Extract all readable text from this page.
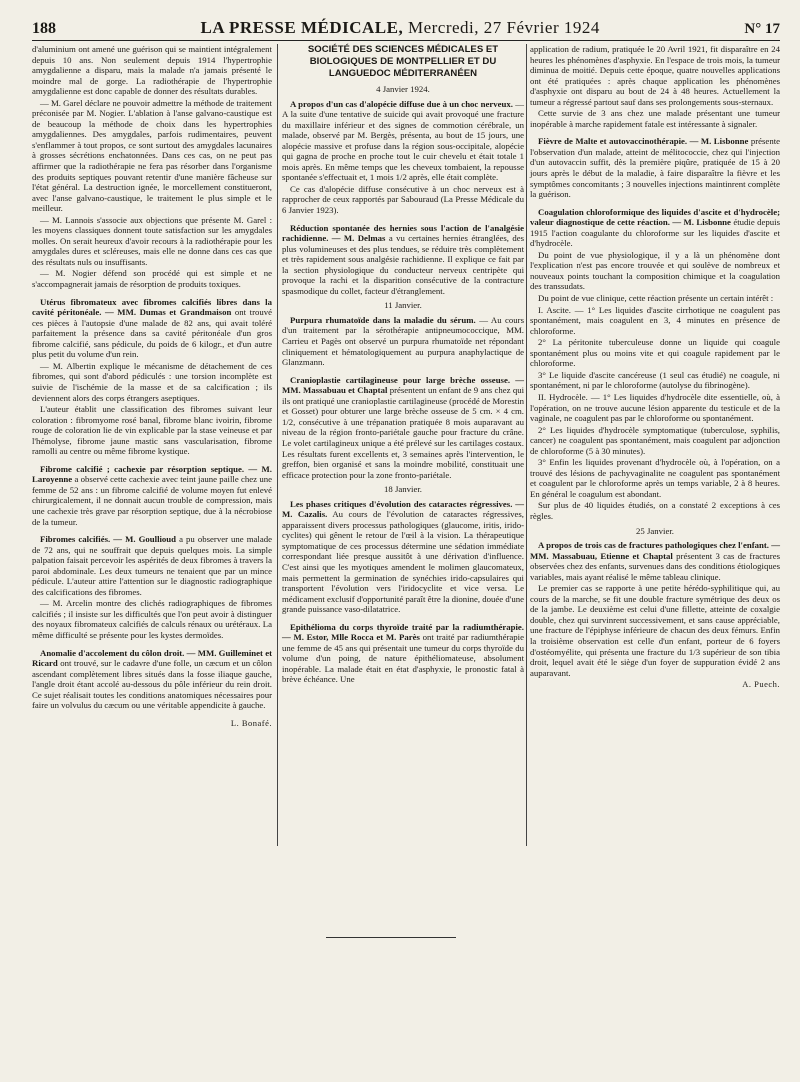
188	LA PRESSE MÉDICALE, Mercredi, 27 Février 1924	N° 17

d'aluminium ont amené une guérison qui se maintient intégralement depuis 10 ans. Non seulement depuis 1914 l'hypertrophie amygdalienne a disparu, mais la malade n'a jamais présenté le moindre mal de gorge. La radiothérapie de l'hypertrophie amygdalienne est donc capable de donner des résultats durables.

— M. Garel déclare ne pouvoir admettre la méthode de traitement préconisée par M. Nogier. L'ablation à l'anse galvano-caustique est de beaucoup la méthode de choix dans les hypertrophies amygdaliennes. Des amygdales, parfois rudimentaires, peuvent s'enflammer à tout propos, ce sont surtout des amygdales lacunaires à grosses sécrétions enchatonnées. Dans ces cas, on ne peut pas affirmer que la radiothérapie ne fera pas résorber dans l'organisme des produits septiques pouvant retentir d'une manière fâcheuse sur l'état général. La destruction ignée, le morcellement constitueront, avec l'anse galvano-caustique, le traitement le plus simple et le meilleur.

— M. Lannois s'associe aux objections que présente M. Garel : les moyens classiques donnent toute satisfaction sur les amygdales molles. On serait heureux d'avoir recours à la radiothérapie pour les amygdales dures et scléreuses, mais elle ne donne dans ces cas que des résultats nuls ou insuffisants.

— M. Nogier défend son procédé qui est simple et ne s'accompagnerait jamais de résorption de produits toxiques.

Utérus fibromateux avec fibromes calcifiés libres dans la cavité péritonéale. — MM. Dumas et Grandmaison ont trouvé ces pièces à l'autopsie d'une malade de 82 ans, qui avait toléré parfaitement la présence dans sa cavité péritonéale d'un gros fibrome calcifié, sans pédicule, du poids de 6 kilogr., et d'un autre plus petit du volume d'un rein.

— M. Albertin explique le mécanisme de détachement de ces fibromes, qui sont d'abord pédiculés : une torsion incomplète est suivie de l'ischémie de la masse et de sa calcification ; ils deviennent alors des corps étrangers aseptiques.

L'auteur établit une classification des fibromes suivant leur coloration : fibromyome rosé banal, fibrome blanc ivoirin, fibrome rouge de coloration lie de vin explicable par la stase veineuse et par l'hémolyse, fibrome jaune mastic sans vascularisation, fibrome ramolli au centre ou même fibrome kystique.

Fibrome calcifié ; cachexie par résorption septique. — M. Laroyenne a observé cette cachexie avec teint jaune paille chez une femme de 52 ans : un fibrome calcifié de volume moyen fut enlevé chirurgicalement, il ne donnait aucun trouble de compression, mais une cachexie très grave par résorption septique, due à la nécrobiose de la tumeur.

Fibromes calcifiés. — M. Goullioud a pu observer une malade de 72 ans, qui ne souffrait que depuis quelques mois. La simple palpation faisait percevoir les aspérités de deux fibromes à travers la paroi abdominale. Les deux tumeurs ne tenaient que par un mince pédicule. L'auteur attire l'attention sur le diagnostic radiographique des calcifications des fibromes.

— M. Arcelin montre des clichés radiographiques de fibromes calcifiés ; il insiste sur les difficultés que l'on peut avoir à distinguer des noyaux fibromateux calcifiés de calculs rénaux ou urétéraux. La même difficulté se présente pour les kystes dermoïdes.

Anomalie d'accolement du côlon droit. — MM. Guilleminet et Ricard ont trouvé, sur le cadavre d'une folle, un cæcum et un côlon ascendant complètement libres situés dans la fosse iliaque gauche, l'angle droit étant accolé au-dessous du pôle inférieur du rein droit. Ce sujet réalisait toutes les conditions anatomiques nécessaires pour faire un volvulus du cæcum ou une véritable appendicite à gauche.

L. Bonafé.

SOCIÉTÉ DES SCIENCES MÉDICALES ET BIOLOGIQUES DE MONTPELLIER ET DU LANGUEDOC MÉDITERRANÉEN
4 Janvier 1924.

A propos d'un cas d'alopécie diffuse due à un choc nerveux. — A la suite d'une tentative de suicide qui avait provoqué une fracture du maxillaire inférieur et des signes de commotion cérébrale, un malade, observé par M. Bergès, présenta, au bout de 15 jours, une alopécie massive et profuse dans la région sous-occipitale, alopécie qui gagna de proche en proche tout le cuir chevelu et était totale 1 mois après. En même temps que les cheveux tombaient, la repousse spontanée s'effectuait et, 1 mois 1/2 après, elle était complète.

Ce cas d'alopécie diffuse consécutive à un choc nerveux est à rapprocher de ceux rapportés par Sabouraud (La Presse Médicale du 6 Janvier 1923).

Réduction spontanée des hernies sous l'action de l'analgésie rachidienne. — M. Delmas a vu certaines hernies étranglées, des plus volumineuses et des plus tendues, se réduire très complètement et très rapidement sous analgésie rachidienne. Il explique ce fait par la section physiologique du conducteur nerveux centripète qui provoque la rachi et la disparition consécutive de la contracture spasmodique du collet, facteur d'étranglement.

11 Janvier.

Purpura rhumatoïde dans la maladie du sérum. — Au cours d'un traitement par la sérothérapie antipneumococcique, MM. Carrieu et Pagès ont observé un purpura rhumatoïde net répondant cliniquement et hématologiquement au purpura anaphylactique de Glanzmann.

Cranioplastie cartilagineuse pour large brèche osseuse. — MM. Massabuau et Chaptal présentent un enfant de 9 ans chez qui ils ont pratiqué une cranioplastie cartilagineuse (procédé de Morestin et Gosset) pour obturer une large brèche osseuse de 5 cm. × 4 cm. 1/2, consécutive à une trépanation pratiquée 8 mois auparavant au niveau de la région fronto-pariétale gauche pour fracture du crâne. Le volet cartilagineux unique a été prélevé sur les cartilages costaux. Les résultats furent excellents et, 3 semaines après l'intervention, le greffon, bien organisé et sans la moindre mobilité, constituait une efficace protection pour la zone fronto-pariétale.

18 Janvier.

Les phases critiques d'évolution des cataractes régressives. — M. Cazalis. Au cours de l'évolution de cataractes régressives, apparaissent divers processus pathologiques (glaucome, iritis, irido-cyclites) qui gênent le retour de l'œil à la vision. La thérapeutique symptomatique de ces processus détermine une sédation immédiate correspondant liée presque aussitôt à une dérivation d'influence. C'est ainsi que les myotiques amendent le molimen glaucomateux, mais permettent la germination de synéchies irido-capsulaires qui transportent l'évolution vers l'iridocyclite et vice versa. Le médicament exclusif d'opportunité paraît être la dionine, douée d'une grande puissance vaso-dilatatrice.

Epithélioma du corps thyroïde traité par la radiumthérapie. — M. Estor, Mlle Rocca et M. Parès ont traité par radiumthérapie une femme de 45 ans qui présentait une tumeur du corps thyroïde du volume d'un poing, de nature épithéliomateuse, absolument inopérable. La malade était en état d'asphyxie, le pronostic fatal à brève échéance. Une

application de radium, pratiquée le 20 Avril 1921, fit disparaître en 24 heures les phénomènes d'asphyxie. En l'espace de trois mois, la tumeur diminua de moitié. Depuis cette époque, quatre nouvelles applications ont été pratiquées : après chaque application les phénomènes d'asphyxie ont disparu au bout de 24 à 48 heures. Actuellement la tumeur a régressé partout sauf dans ses prolongements sous-sternaux.

Cette survie de 3 ans chez une malade présentant une tumeur inopérable à marche rapidement fatale est intéressante à signaler.

Fièvre de Malte et autovaccinothérapie. — M. Lisbonne présente l'observation d'un malade, atteint de mélitococcie, chez qui l'injection d'un autovaccin suffit, dès la première piqûre, pratiquée de 15 à 20 jours après le début de la maladie, à faire disparaître la fièvre et les symptômes concomitants ; 3 nouvelles injections maintinrent complète la guérison.

Coagulation chloroformique des liquides d'ascite et d'hydrocèle; valeur diagnostique de cette réaction. — M. Lisbonne étudie depuis 1915 l'action coagulante du chloroforme sur les liquides d'ascite et d'hydrocèle.

Du point de vue physiologique, il y a là un phénomène dont l'explication n'est pas encore trouvée et qui soulève de nombreux et nouveaux points touchant la composition chimique et la coagulation des transsudats.

Du point de vue clinique, cette réaction présente un certain intérêt :

I. Ascite. — 1° Les liquides d'ascite cirrhotique ne coagulent pas spontanément, mais coagulent en 3, 4 minutes en présence de chloroforme.

2° La péritonite tuberculeuse donne un liquide qui coagule spontanément plus ou moins vite et qui coagule rapidement par le chloroforme.

3° Le liquide d'ascite cancéreuse (1 seul cas étudié) ne coagule, ni spontanément, ni par le chloroforme (autolyse du fibrinogène).

II. Hydrocèle. — 1° Les liquides d'hydrocèle dite essentielle, où, à l'opération, on ne trouve aucune lésion apparente du testicule et de la vaginale, ne coagulent pas par le chloroforme ou spontanément.

2° Les liquides d'hydrocèle symptomatique (tuberculose, syphilis, cancer) ne coagulent pas spontanément, mais coagulent par adjonction de chloroforme (5 à 30 minutes).

3° Enfin les liquides provenant d'hydrocèle où, à l'opération, on a trouvé des lésions de pachyvaginalite ne coagulent pas spontanément et coagulent par le chloroforme après un temps variable, 2 à 8 heures. En général le coagulum est abondant.

Sur plus de 40 liquides étudiés, on a constaté 2 exceptions à ces règles.

25 Janvier.

A propos de trois cas de fractures pathologiques chez l'enfant. — MM. Massabuau, Etienne et Chaptal présentent 3 cas de fractures observées chez des enfants, survenues dans des conditions étiologiques variables, mais ayant réalisé le même tableau clinique.

Le premier cas se rapporte à une petite hérédo-syphilitique qui, au cours de la marche, se fit une double fracture symétrique des deux os de la jambe. Le deuxième est celui d'une fillette, atteinte de coxalgie double, chez qui survinrent successivement, et sans cause appréciable, une fracture de l'épiphyse inférieure de chacun des deux fémurs. Enfin la troisième observation est celle d'un enfant, porteur de 6 foyers d'ostéomyélite, qui présenta une fracture du 1/3 supérieur de son tibia droit, lequel avait été le siège d'un foyer de suppuration évidé 2 ans auparavant.

A. Puech.
